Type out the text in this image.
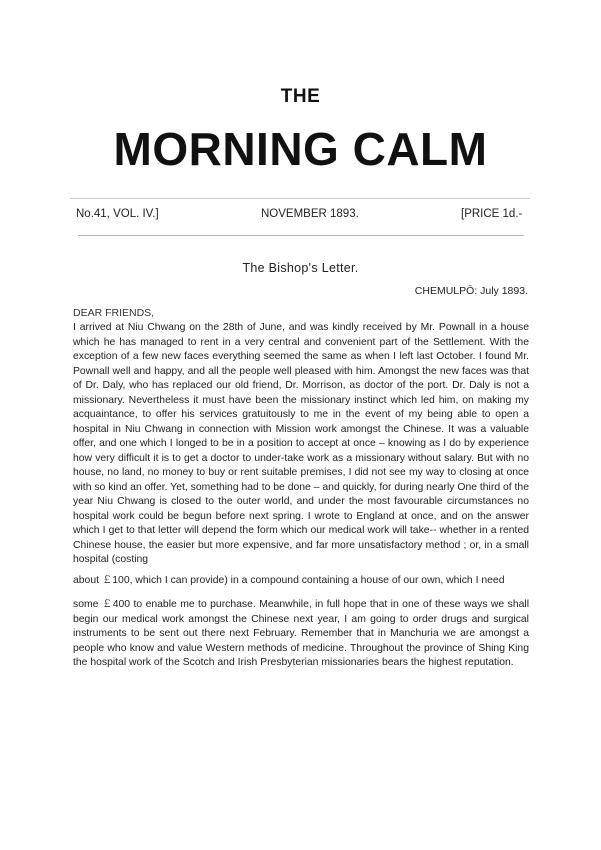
THE
MORNING CALM
No.41, VOL. IV.]	NOVEMBER 1893.	[PRICE 1d.-
The Bishop's Letter.
CHEMULPŌ: July 1893.
DEAR FRIENDS,

I arrived at Niu Chwang on the 28th of June, and was kindly received by Mr. Pownall in a house which he has managed to rent in a very central and convenient part of the Settlement. With the exception of a few new faces everything seemed the same as when I left last October. I found Mr. Pownall well and happy, and all the people well pleased with him. Amongst the new faces was that of Dr. Daly, who has replaced our old friend, Dr. Morrison, as doctor of the port. Dr. Daly is not a missionary. Nevertheless it must have been the missionary instinct which led him, on making my acquaintance, to offer his services gratuitously to me in the event of my being able to open a hospital in Niu Chwang in connection with Mission work amongst the Chinese. It was a valuable offer, and one which I longed to be in a position to accept at once – knowing as I do by experience how very difficult it is to get a doctor to under-take work as a missionary without salary. But with no house, no land, no money to buy or rent suitable premises, I did not see my way to closing at once with so kind an offer. Yet, something had to be done – and quickly, for during nearly One third of the year Niu Chwang is closed to the outer world, and under the most favourable circumstances no hospital work could be begun before next spring. I wrote to England at once, and on the answer which I get to that letter will depend the form which our medical work will take-- whether in a rented Chinese house, the easier but more expensive, and far more unsatisfactory method ; or, in a small hospital (costing

about ￡100, which I can provide) in a compound containing a house of our own, which I need

some ￡400 to enable me to purchase. Meanwhile, in full hope that in one of these ways we shall begin our medical work amongst the Chinese next year, I am going to order drugs and surgical instruments to be sent out there next February. Remember that in Manchuria we are amongst a people who know and value Western methods of medicine. Throughout the province of Shing King the hospital work of the Scotch and Irish Presbyterian missionaries bears the highest reputation.
